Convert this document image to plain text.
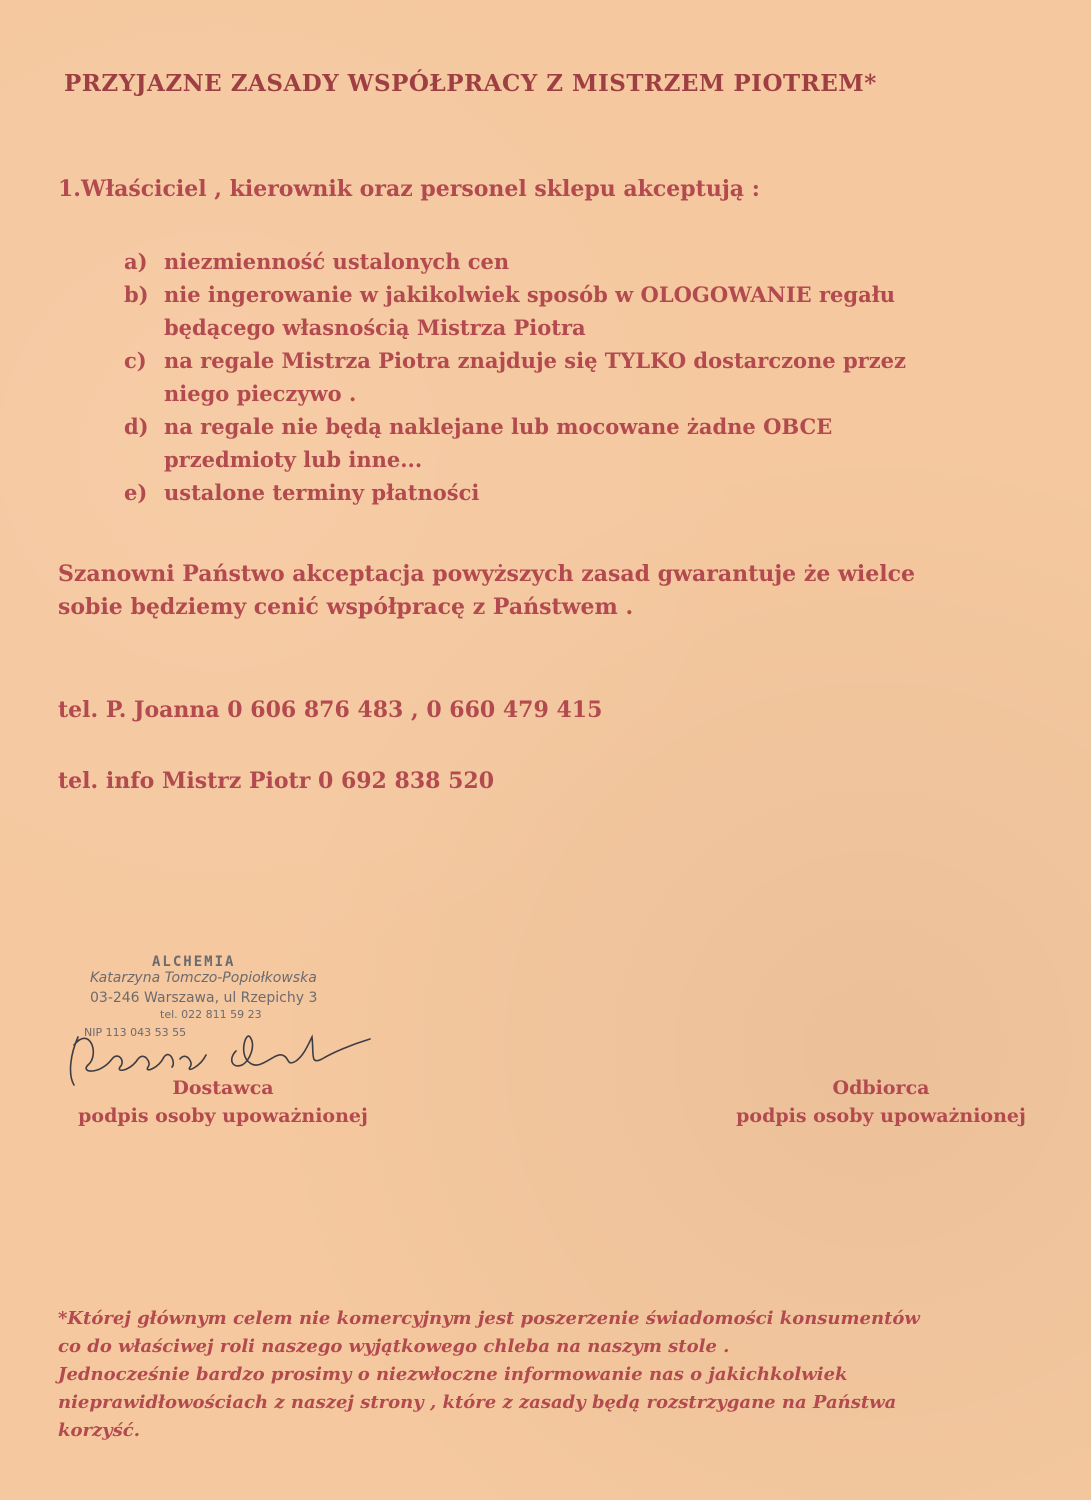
PRZYJAZNE ZASADY WSPÓŁPRACY Z MISTRZEM PIOTREM*

1.Właściciel , kierownik oraz personel sklepu akceptują :

a) niezmienność ustalonych cen
b) nie ingerowanie w jakikolwiek sposób w OLOGOWANIE regału
będącego własnością Mistrza Piotra
c) na regale Mistrza Piotra znajduje się TYLKO dostarczone przez
niego pieczywo .
d) na regale nie będą naklejane lub mocowane żadne OBCE
przedmioty lub inne...
e) ustalone terminy płatności
Szanowni Państwo akceptacja powyższych zasad gwarantuje że wielce
sobie będziemy cenić współpracę z Państwem .

tel. P. Joanna 0 606 876 483 , 0 660 479 415

tel. info Mistrz Piotr 0 692 838 520

ALCHEMIA
Katarzyna Tomczo-Popiołkowska
03-246 Warszawa, ul Rzepichy 3
tel. 022 811 59 23
NIP 113 043 53 55
Dostawca
podpis osoby upoważnionej
Odbiorca
podpis osoby upoważnionej
*Której głównym celem nie komercyjnym jest poszerzenie świadomości konsumentów
co do właściwej roli naszego wyjątkowego chleba na naszym stole .
Jednocześnie bardzo prosimy o niezwłoczne informowanie nas o jakichkolwiek
nieprawidłowościach z naszej strony , które z zasady będą rozstrzygane na Państwa
korzyść.
